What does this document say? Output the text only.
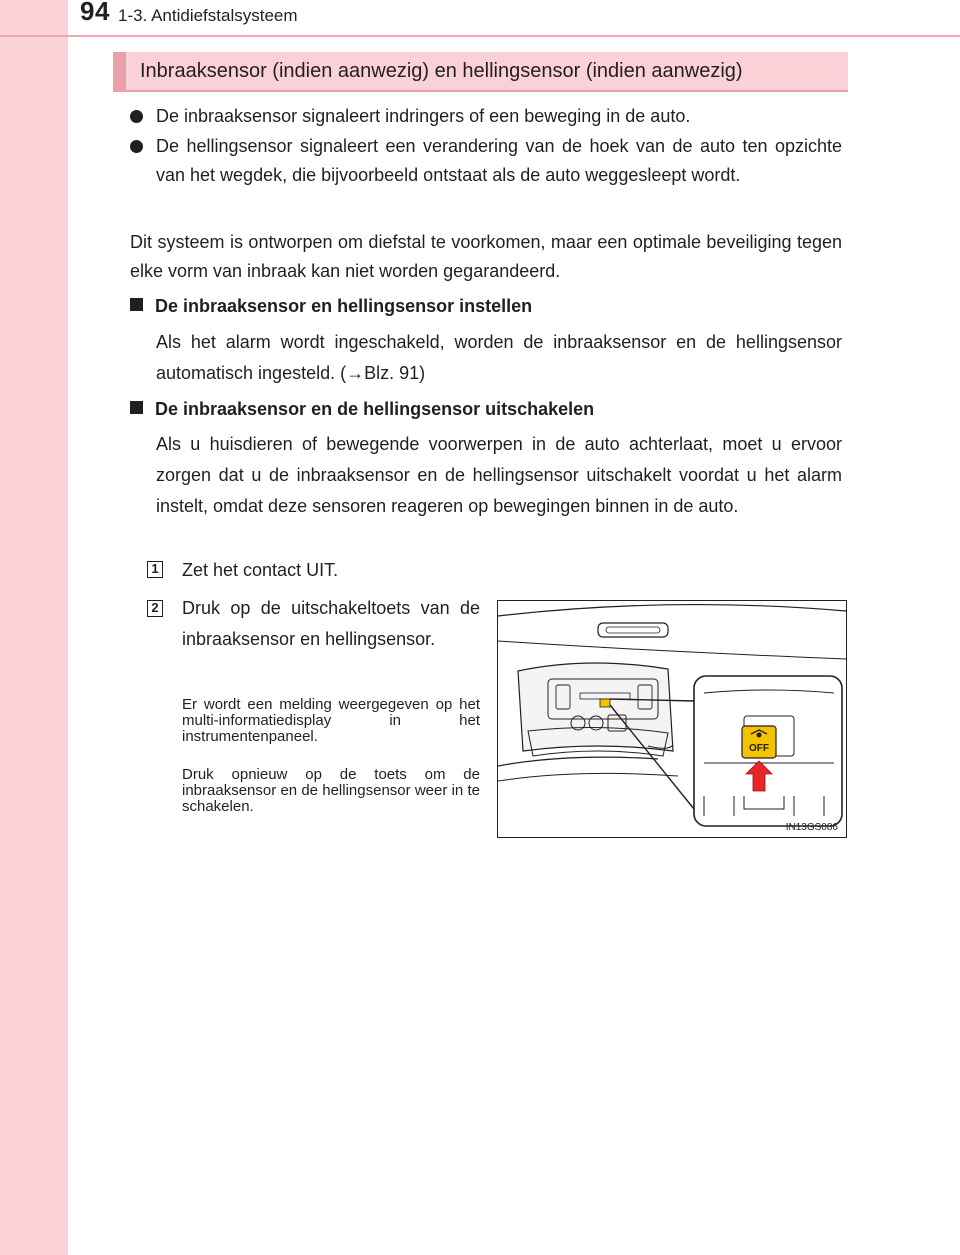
94 1-3. Antidiefstalsysteem
Inbraaksensor (indien aanwezig) en hellingsensor (indien aanwezig)
De inbraaksensor signaleert indringers of een beweging in de auto.
De hellingsensor signaleert een verandering van de hoek van de auto ten opzichte van het wegdek, die bijvoorbeeld ontstaat als de auto weggesleept wordt.
Dit systeem is ontworpen om diefstal te voorkomen, maar een optimale beveiliging tegen elke vorm van inbraak kan niet worden gegarandeerd.
De inbraaksensor en hellingsensor instellen
Als het alarm wordt ingeschakeld, worden de inbraaksensor en de hellingsensor automatisch ingesteld. (→Blz. 91)
De inbraaksensor en de hellingsensor uitschakelen
Als u huisdieren of bewegende voorwerpen in de auto achterlaat, moet u ervoor zorgen dat u de inbraaksensor en de hellingsensor uitschakelt voordat u het alarm instelt, omdat deze sensoren reageren op bewegingen binnen in de auto.
1 Zet het contact UIT.
2 Druk op de uitschakeltoets van de inbraaksensor en hellingsensor.
Er wordt een melding weergegeven op het multi-informatiedisplay in het instrumentenpaneel.
Druk opnieuw op de toets om de inbraaksensor en de hellingsensor weer in te schakelen.
OFF
IN13GS086
